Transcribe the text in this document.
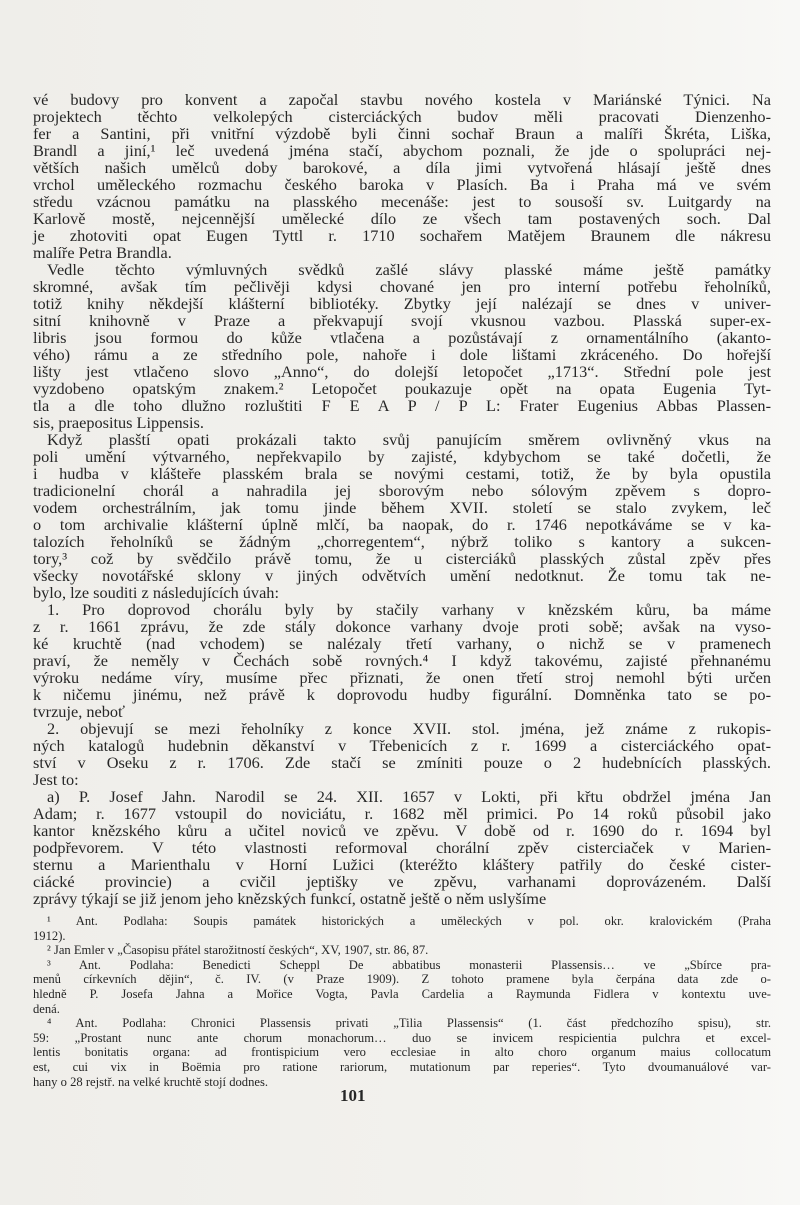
vé budovy pro konvent a započal stavbu nového kostela v Mariánské Týnici. Na
projektech těchto velkolepých cisterciáckých budov měli pracovati Dienzenho-
fer a Santini, při vnitřní výzdobě byli činni sochař Braun a malíři Škréta, Liška,
Brandl a jiní,¹ leč uvedená jména stačí, abychom poznali, že jde o spolupráci nej-
větších našich umělců doby barokové, a díla jimi vytvořená hlásají ještě dnes
vrchol uměleckého rozmachu českého baroka v Plasích. Ba i Praha má ve svém
středu vzácnou památku na plasského mecenáše: jest to sousoší sv. Luitgardy na
Karlově mostě, nejcennější umělecké dílo ze všech tam postavených soch. Dal
je zhotoviti opat Eugen Tyttl r. 1710 sochařem Matějem Braunem dle nákresu
malíře Petra Brandla.
Vedle těchto výmluvných svědků zašlé slávy plasské máme ještě památky
skromné, avšak tím pečlivěji kdysi chované jen pro interní potřebu řeholníků,
totiž knihy někdejší klášterní bibliotéky. Zbytky její nalézají se dnes v univer-
sitní knihovně v Praze a překvapují svojí vkusnou vazbou. Plasská super-ex-
libris jsou formou do kůže vtlačena a pozůstávají z ornamentálního (akanto-
vého) rámu a ze středního pole, nahoře i dole lištami zkráceného. Do hořejší
lišty jest vtlačeno slovo „Anno“, do dolejší letopočet „1713“. Střední pole jest
vyzdobeno opatským znakem.² Letopočet poukazuje opět na opata Eugenia Tyt-
tla a dle toho dlužno rozluštiti F E A P / P L: Frater Eugenius Abbas Plassen-
sis, praepositus Lippensis.
Když plasští opati prokázali takto svůj panujícím směrem ovlivněný vkus na
poli umění výtvarného, nepřekvapilo by zajisté, kdybychom se také dočetli, že
i hudba v klášteře plasském brala se novými cestami, totiž, že by byla opustila
tradicionelní chorál a nahradila jej sborovým nebo sólovým zpěvem s dopro-
vodem orchestrálním, jak tomu jinde během XVII. století se stalo zvykem, leč
o tom archivalie klášterní úplně mlčí, ba naopak, do r. 1746 nepotkáváme se v ka-
talozích řeholníků se žádným „chorregentem“, nýbrž toliko s kantory a sukcen-
tory,³ což by svědčilo právě tomu, že u cisterciáků plasských zůstal zpěv přes
všecky novotářské sklony v jiných odvětvích umění nedotknut. Že tomu tak ne-
bylo, lze souditi z následujících úvah:
1. Pro doprovod chorálu byly by stačily varhany v knězském kůru, ba máme
z r. 1661 zprávu, že zde stály dokonce varhany dvoje proti sobě; avšak na vyso-
ké kruchtě (nad vchodem) se nalézaly třetí varhany, o nichž se v pramenech
praví, že neměly v Čechách sobě rovných.⁴ I když takovému, zajisté přehnanému
výroku nedáme víry, musíme přec přiznati, že onen třetí stroj nemohl býti určen
k ničemu jinému, než právě k doprovodu hudby figurální. Domněnka tato se po-
tvrzuje, neboť
2. objevují se mezi řeholníky z konce XVII. stol. jména, jež známe z rukopis-
ných katalogů hudebnin děkanství v Třebenicích z r. 1699 a cisterciáckého opat-
ství v Oseku z r. 1706. Zde stačí se zmíniti pouze o 2 hudebnících plasských.
Jest to:
a) P. Josef Jahn. Narodil se 24. XII. 1657 v Lokti, při křtu obdržel jména Jan
Adam; r. 1677 vstoupil do noviciátu, r. 1682 měl primici. Po 14 roků působil jako
kantor knězského kůru a učitel noviců ve zpěvu. V době od r. 1690 do r. 1694 byl
podpřevorem. V této vlastnosti reformoval chorální zpěv cisterciaček v Marien-
sternu a Marienthalu v Horní Lužici (kteréžto kláštery patřily do české cister-
ciácké provincie) a cvičil jeptišky ve zpěvu, varhanami doprovázeném. Další
zprávy týkají se již jenom jeho knězských funkcí, ostatně ještě o něm uslyšíme
¹ Ant. Podlaha: Soupis památek historických a uměleckých v pol. okr. kralovickém (Praha
1912).
² Jan Emler v „Časopisu přátel starožitností českých“, XV, 1907, str. 86, 87.
³ Ant. Podlaha: Benedicti Scheppl De abbatibus monasterii Plassensis… ve „Sbírce pra-
menů církevních dějin“, č. IV. (v Praze 1909). Z tohoto pramene byla čerpána data zde o-
hledně P. Josefa Jahna a Mořice Vogta, Pavla Cardelia a Raymunda Fidlera v kontextu uve-
dená.
⁴ Ant. Podlaha: Chronici Plassensis privati „Tilia Plassensis“ (1. část předchozího spisu), str.
59: „Prostant nunc ante chorum monachorum… duo se invicem respicientia pulchra et excel-
lentis bonitatis organa: ad frontispicium vero ecclesiae in alto choro organum maius collocatum
est, cui vix in Boëmia pro ratione rariorum, mutationum par reperies“. Tyto dvoumanuálové var-
hany o 28 rejstř. na velké kruchtě stojí dodnes.
101
